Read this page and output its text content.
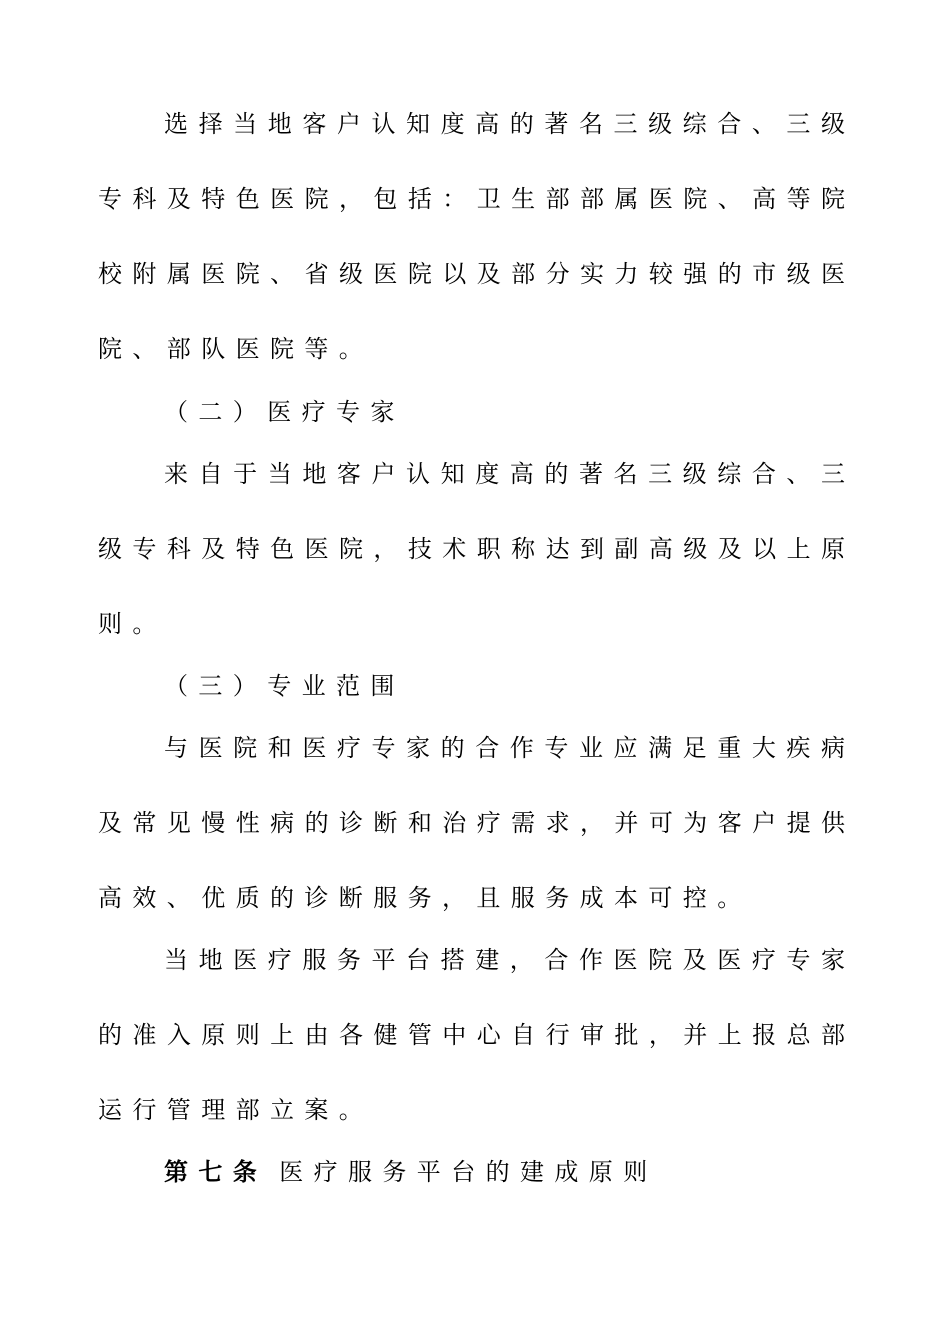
选择当地客户认知度高的著名三级综合、三级
专科及特色医院，包括：卫生部部属医院、高等院
校附属医院、省级医院以及部分实力较强的市级医
院、部队医院等。
（二）医疗专家
来自于当地客户认知度高的著名三级综合、三
级专科及特色医院，技术职称达到副高级及以上原
则。
（三）专业范围
与医院和医疗专家的合作专业应满足重大疾病
及常见慢性病的诊断和治疗需求，并可为客户提供
高效、优质的诊断服务，且服务成本可控。
当地医疗服务平台搭建，合作医院及医疗专家
的准入原则上由各健管中心自行审批，并上报总部
运行管理部立案。
第七条 医疗服务平台的建成原则
